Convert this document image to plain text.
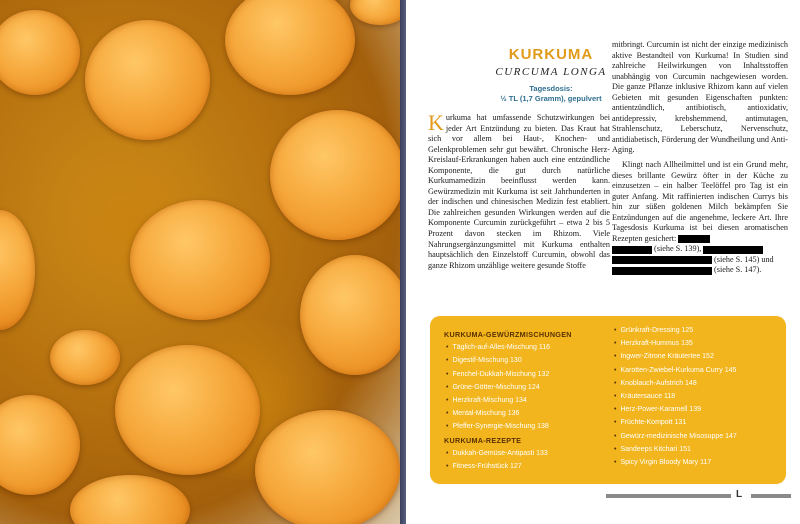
KURKUMA
CURCUMA LONGA
Tagesdosis:
½ TL (1,7 Gramm), gepulvert
Kurkuma hat umfassende Schutzwirkungen bei jeder Art Entzündung zu bieten. Das Kraut hat sich vor allem bei Haut-, Knochen- und Gelenkproblemen sehr gut bewährt. Chronische Herz-Kreislauf-Erkrankungen haben auch eine entzündliche Komponente, die gut durch natürliche Kurkumamedizin beeinflusst werden kann. Gewürzmedizin mit Kurkuma ist seit Jahrhunderten in der indischen und chinesischen Medizin fest etabliert. Die zahlreichen gesunden Wirkungen werden auf die Komponente Curcumin zurückgeführt – etwa 2 bis 5 Prozent davon stecken im Rhizom. Viele Nahrungsergänzungsmittel mit Kurkuma enthalten hauptsächlich den Einzelstoff Curcumin, obwohl das ganze Rhizom unzählige weitere gesunde Stoffe
mitbringt. Curcumin ist nicht der einzige medizinisch aktive Bestandteil von Kurkuma! In Studien sind zahlreiche Heilwirkungen von Inhaltsstoffen unabhängig von Curcumin nachgewiesen worden. Die ganze Pflanze inklusive Rhizom kann auf vielen Gebieten mit gesunden Eigenschaften punkten: antientzündlich, antibiotisch, antioxidativ, antidepressiv, krebshemmend, antimutagen, Strahlenschutz, Leberschutz, Nervenschutz, antidiabetisch, Förderung der Wundheilung und Anti-Aging.
Klingt nach Allheilmittel und ist ein Grund mehr, dieses brillante Gewürz öfter in der Küche zu einzusetzen – ein halber Teelöffel pro Tag ist ein guter Anfang. Mit raffinierten indischen Currys bis hin zur süßen goldenen Milch bekämpfen Sie Entzündungen auf die angenehme, leckere Art. Ihre Tagesdosis Kurkuma ist bei diesen aromatischen Rezepten gesichert:
(siehe S. 139),
(siehe S. 145) und
(siehe S. 147).
KURKUMA-GEWÜRZMISCHUNGEN
• Täglich-auf-Alles-Mischung 116
• Digestif-Mischung 130
• Fenchel-Dukkah-Mischung 132
• Grüne-Götter-Mischung 124
• Herzkraft-Mischung 134
• Mental-Mischung 136
• Pfeffer-Synergie-Mischung 138
KURKUMA-REZEPTE
• Dukkah-Gemüse-Antipasti 133
• Fitness-Frühstück 127
• Grünkraft-Dressing 125
• Herzkraft-Hummus 135
• Ingwer-Zitrone Kräutertee 152
• Karotten-Zwiebel-Kurkuma Curry 145
• Knoblauch-Aufstrich 148
• Kräutersauce 118
• Herz-Power-Karamell 139
• Früchte-Kompott 131
• Gewürz-medizinische Misosuppe 147
• Sandeeps Kitchari 151
• Spicy Virgin Bloody Mary 117
L
